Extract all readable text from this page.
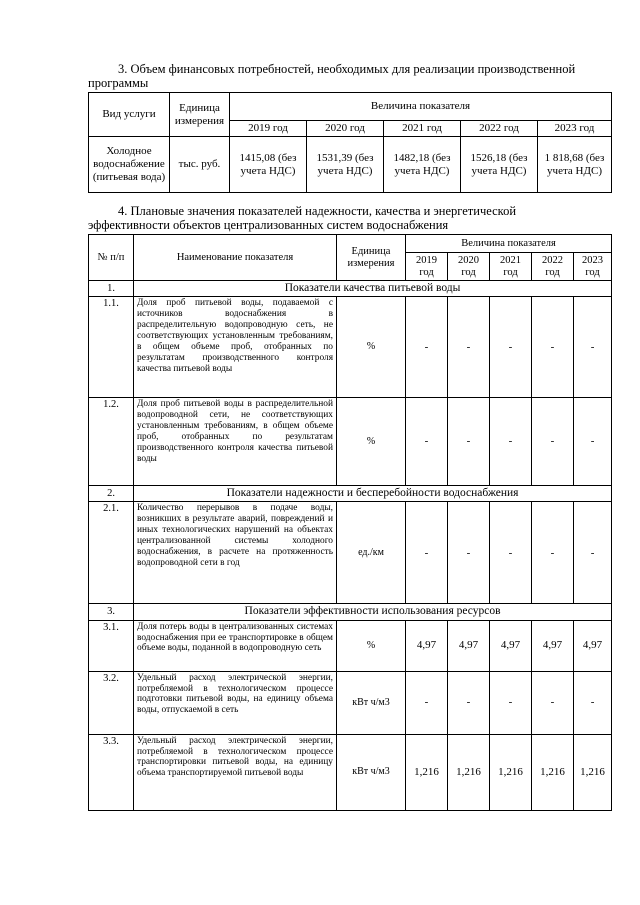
3. Объем финансовых потребностей, необходимых для реализации производственной
программы
Вид услуги	Единица измерения	Величина показателя				
		2019 год	2020 год	2021 год	2022 год	2023 год
Холодное водоснабжение (питьевая вода)	тыс. руб.	1415,08 (без учета НДС)	1531,39 (без учета НДС)	1482,18 (без учета НДС)	1526,18 (без учета НДС)	1 818,68 (без учета НДС)
4. Плановые значения показателей надежности, качества и энергетической
эффективности объектов централизованных систем водоснабжения
№ п/п	Наименование показателя	Единица измерения	Величина показателя				
			2019 год	2020 год	2021 год	2022 год	2023 год
1.	Показатели качества питьевой воды						
1.1.	Доля проб питьевой воды, подаваемой с источников водоснабжения в распределительную водопроводную сеть, не соответствующих установленным требованиям, в общем объеме проб, отобранных по результатам производственного контроля качества питьевой воды	%	-	-	-	-	-
1.2.	Доля проб питьевой воды в распределительной водопроводной сети, не соответствующих установленным требованиям, в общем объеме проб, отобранных по результатам производственного контроля качества питьевой воды	%	-	-	-	-	-
2.	Показатели надежности и бесперебойности водоснабжения						
2.1.	Количество перерывов в подаче воды, возникших в результате аварий, повреждений и иных технологических нарушений на объектах централизованной системы холодного водоснабжения, в расчете на протяженность водопроводной сети в год	ед./км	-	-	-	-	-
3.	Показатели эффективности использования ресурсов						
3.1.	Доля потерь воды в централизованных системах водоснабжения при ее транспортировке в общем объеме воды, поданной в водопроводную сеть	%	4,97	4,97	4,97	4,97	4,97
3.2.	Удельный расход электрической энергии, потребляемой в технологическом процессе подготовки питьевой воды, на единицу объема воды, отпускаемой в сеть	кВт ч/м3	-	-	-	-	-
3.3.	Удельный расход электрической энергии, потребляемой в технологическом процессе транспортировки питьевой воды, на единицу объема транспортируемой питьевой воды	кВт ч/м3	1,216	1,216	1,216	1,216	1,216
